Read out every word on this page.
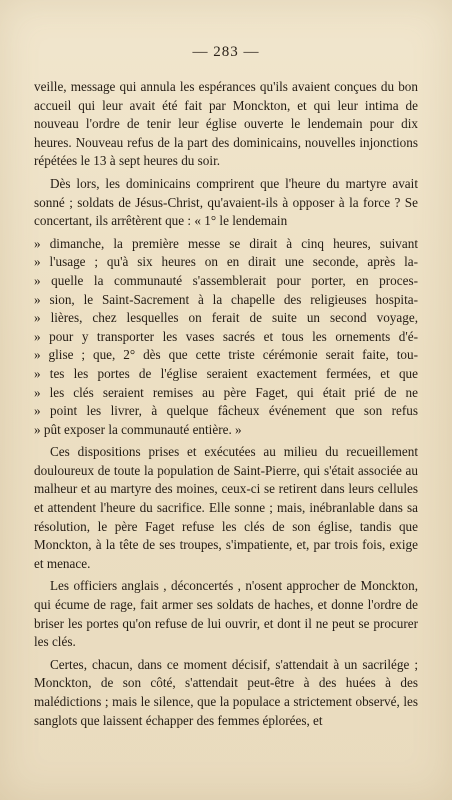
— 283 —

veille, message qui annula les espérances qu'ils avaient conçues du bon accueil qui leur avait été fait par Monckton, et qui leur intima de nouveau l'ordre de tenir leur église ouverte le lendemain pour dix heures. Nouveau refus de la part des dominicains, nouvelles injonctions répétées le 13 à sept heures du soir.

Dès lors, les dominicains comprirent que l'heure du martyre avait sonné ; soldats de Jésus-Christ, qu'avaient-ils à opposer à la force ? Se concertant, ils arrêtèrent que : « 1° le lendemain

» dimanche, la première messe se dirait à cinq heures, suivant
» l'usage ; qu'à six heures on en dirait une seconde, après la-
» quelle la communauté s'assemblerait pour porter, en proces-
» sion, le Saint-Sacrement à la chapelle des religieuses hospita-
» lières, chez lesquelles on ferait de suite un second voyage,
» pour y transporter les vases sacrés et tous les ornements d'é-
» glise ; que, 2° dès que cette triste cérémonie serait faite, tou-
» tes les portes de l'église seraient exactement fermées, et que
» les clés seraient remises au père Faget, qui était prié de ne
» point les livrer, à quelque fâcheux événement que son refus
» pût exposer la communauté entière. »

Ces dispositions prises et exécutées au milieu du recueillement douloureux de toute la population de Saint-Pierre, qui s'était associée au malheur et au martyre des moines, ceux-ci se retirent dans leurs cellules et attendent l'heure du sacrifice. Elle sonne ; mais, inébranlable dans sa résolution, le père Faget refuse les clés de son église, tandis que Monckton, à la tête de ses troupes, s'impatiente, et, par trois fois, exige et menace.

Les officiers anglais , déconcertés , n'osent approcher de Monckton, qui écume de rage, fait armer ses soldats de haches, et donne l'ordre de briser les portes qu'on refuse de lui ouvrir, et dont il ne peut se procurer les clés.

Certes, chacun, dans ce moment décisif, s'attendait à un sacrilége ; Monckton, de son côté, s'attendait peut-être à des huées à des malédictions ; mais le silence, que la populace a strictement observé, les sanglots que laissent échapper des femmes éplorées, et
